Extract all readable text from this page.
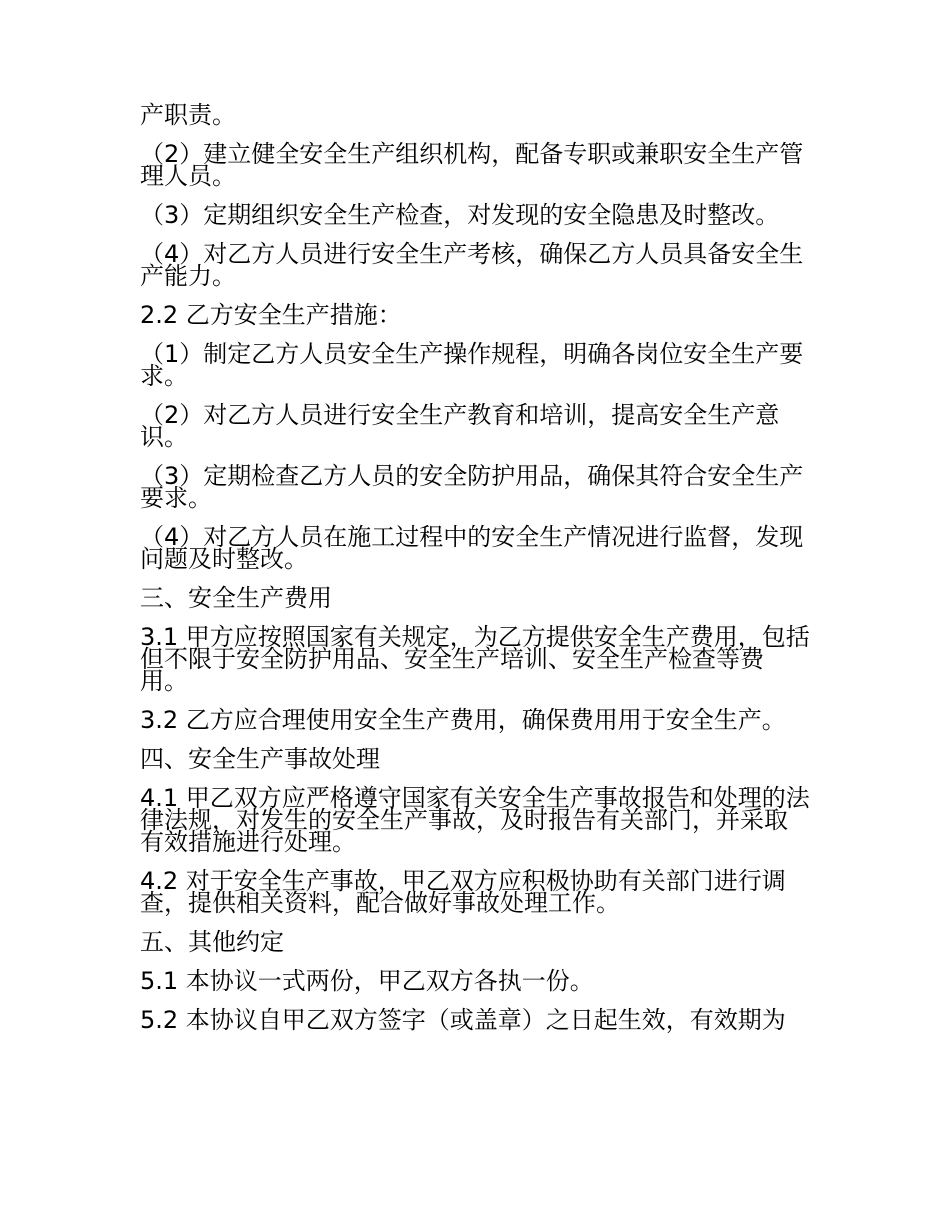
产职责。

（2）建立健全安全生产组织机构，配备专职或兼职安全生产管理人员。

（3）定期组织安全生产检查，对发现的安全隐患及时整改。

（4）对乙方人员进行安全生产考核，确保乙方人员具备安全生产能力。

2.2 乙方安全生产措施：

（1）制定乙方人员安全生产操作规程，明确各岗位安全生产要求。

（2）对乙方人员进行安全生产教育和培训，提高安全生产意识。

（3）定期检查乙方人员的安全防护用品，确保其符合安全生产要求。

（4）对乙方人员在施工过程中的安全生产情况进行监督，发现问题及时整改。

三、安全生产费用

3.1 甲方应按照国家有关规定，为乙方提供安全生产费用，包括但不限于安全防护用品、安全生产培训、安全生产检查等费用。

3.2 乙方应合理使用安全生产费用，确保费用用于安全生产。

四、安全生产事故处理

4.1 甲乙双方应严格遵守国家有关安全生产事故报告和处理的法律法规，对发生的安全生产事故，及时报告有关部门，并采取有效措施进行处理。

4.2 对于安全生产事故，甲乙双方应积极协助有关部门进行调查，提供相关资料，配合做好事故处理工作。

五、其他约定

5.1 本协议一式两份，甲乙双方各执一份。

5.2 本协议自甲乙双方签字（或盖章）之日起生效，有效期为
